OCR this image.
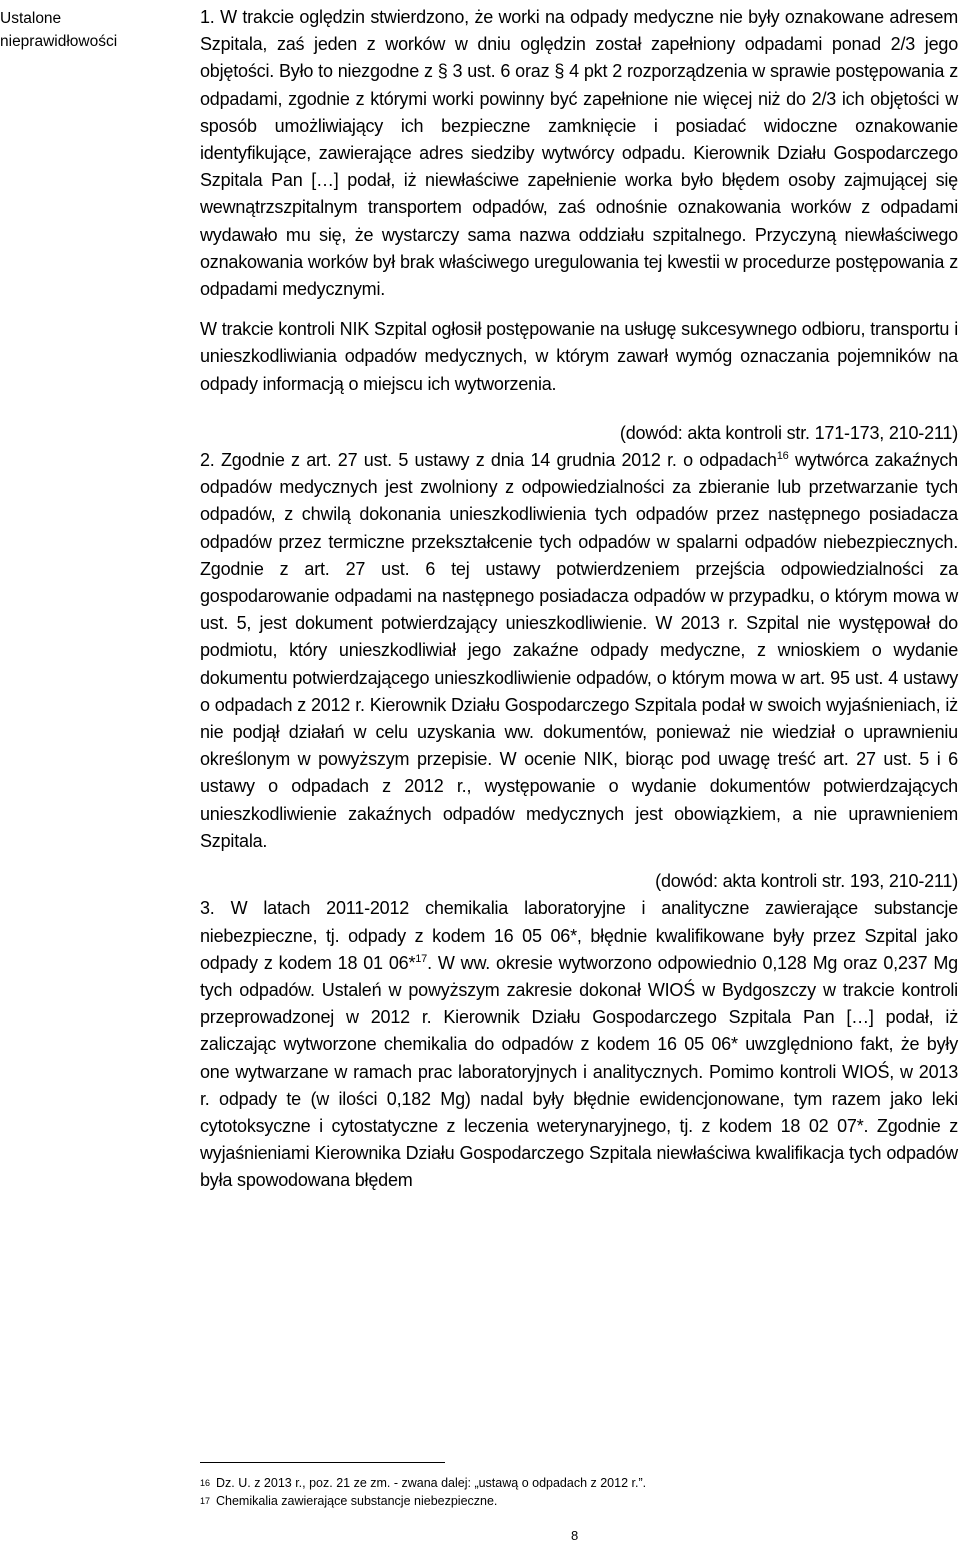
Ustalone nieprawidłowości

1. W trakcie oględzin stwierdzono, że worki na odpady medyczne nie były oznakowane adresem Szpitala, zaś jeden z worków w dniu oględzin został zapełniony odpadami ponad 2/3 jego objętości. Było to niezgodne z § 3 ust. 6 oraz § 4 pkt 2 rozporządzenia w sprawie postępowania z odpadami, zgodnie z którymi worki powinny być zapełnione nie więcej niż do 2/3 ich objętości w sposób umożliwiający ich bezpieczne zamknięcie i posiadać widoczne oznakowanie identyfikujące, zawierające adres siedziby wytwórcy odpadu. Kierownik Działu Gospodarczego Szpitala Pan […] podał, iż niewłaściwe zapełnienie worka było błędem osoby zajmującej się wewnątrzszpitalnym transportem odpadów, zaś odnośnie oznakowania worków z odpadami wydawało mu się, że wystarczy sama nazwa oddziału szpitalnego. Przyczyną niewłaściwego oznakowania worków był brak właściwego uregulowania tej kwestii w procedurze postępowania z odpadami medycznymi.

W trakcie kontroli NIK Szpital ogłosił postępowanie na usługę sukcesywnego odbioru, transportu i unieszkodliwiania odpadów medycznych, w którym zawarł wymóg oznaczania pojemników na odpady informacją o miejscu ich wytworzenia.

(dowód: akta kontroli str. 171-173, 210-211)

2. Zgodnie z art. 27 ust. 5 ustawy z dnia 14 grudnia 2012 r. o odpadach$^{16}$ wytwórca zakaźnych odpadów medycznych jest zwolniony z odpowiedzialności za zbieranie lub przetwarzanie tych odpadów, z chwilą dokonania unieszkodliwienia tych odpadów przez następnego posiadacza odpadów przez termiczne przekształcenie tych odpadów w spalarni odpadów niebezpiecznych. Zgodnie z art. 27 ust. 6 tej ustawy potwierdzeniem przejścia odpowiedzialności za gospodarowanie odpadami na następnego posiadacza odpadów w przypadku, o którym mowa w ust. 5, jest dokument potwierdzający unieszkodliwienie. W 2013 r. Szpital nie występował do podmiotu, który unieszkodliwiał jego zakaźne odpady medyczne, z wnioskiem o wydanie dokumentu potwierdzającego unieszkodliwienie odpadów, o którym mowa w art. 95 ust. 4 ustawy o odpadach z 2012 r. Kierownik Działu Gospodarczego Szpitala podał w swoich wyjaśnieniach, iż nie podjął działań w celu uzyskania ww. dokumentów, ponieważ nie wiedział o uprawnieniu określonym w powyższym przepisie. W ocenie NIK, biorąc pod uwagę treść art. 27 ust. 5 i 6 ustawy o odpadach z 2012 r., występowanie o wydanie dokumentów potwierdzających unieszkodliwienie zakaźnych odpadów medycznych jest obowiązkiem, a nie uprawnieniem Szpitala.

(dowód: akta kontroli str. 193, 210-211)

3. W latach 2011-2012 chemikalia laboratoryjne i analityczne zawierające substancje niebezpieczne, tj. odpady z kodem 16 05 06*, błędnie kwalifikowane były przez Szpital jako odpady z kodem 18 01 06*$^{17}$. W ww. okresie wytworzono odpowiednio 0,128 Mg oraz 0,237 Mg tych odpadów. Ustaleń w powyższym zakresie dokonał WIOŚ w Bydgoszczy w trakcie kontroli przeprowadzonej w 2012 r. Kierownik Działu Gospodarczego Szpitala Pan […] podał, iż zaliczając wytworzone chemikalia do odpadów z kodem 16 05 06* uwzględniono fakt, że były one wytwarzane w ramach prac laboratoryjnych i analitycznych. Pomimo kontroli WIOŚ, w 2013 r. odpady te (w ilości 0,182 Mg) nadal były błędnie ewidencjonowane, tym razem jako leki cytotoksyczne i cytostatyczne z leczenia weterynaryjnego, tj. z kodem 18 02 07*. Zgodnie z wyjaśnieniami Kierownika Działu Gospodarczego Szpitala niewłaściwa kwalifikacja tych odpadów była spowodowana błędem

16 Dz. U. z 2013 r., poz. 21 ze zm. - zwana dalej: „ustawą o odpadach z 2012 r.”.
17 Chemikalia zawierające substancje niebezpieczne.
8
